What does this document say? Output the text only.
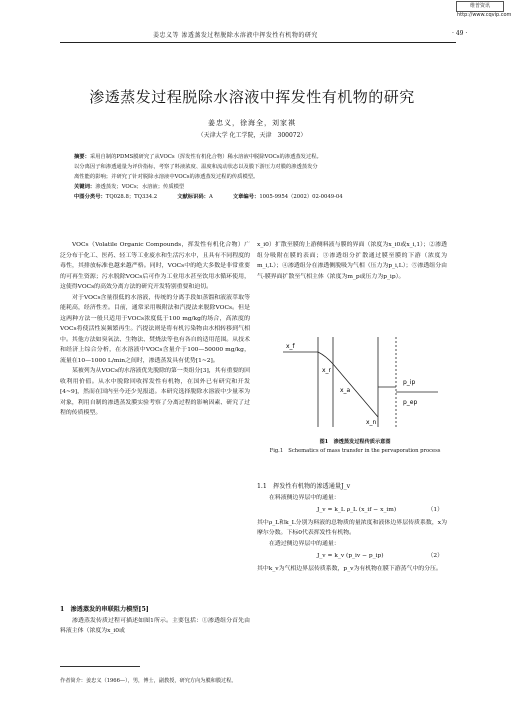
维普资讯 http://www.cqvip.com
姜忠义等 渗透蒸发过程脱除水溶液中挥发性有机物的研究	· 49 ·
渗透蒸发过程脱除水溶液中挥发性有机物的研究
姜忠义，徐海全，刘家祺
（天津大学 化工学院，天津　300072）
摘要：采用自制的PDMS膜研究了从VOCs（挥发性有机化合物）稀水溶液中脱除VOCs的渗透蒸发过程。
以分离因子和渗透通量为评价指标，考察了料液浓度、温度和流动状态以及膜下游压力对膜的渗透蒸发分
离性能的影响；并研究了针对脱除水溶液中VOCs的渗透蒸发过程的传质模型。
关键词：渗透蒸发；VOCs；水溶液；传质模型
中图分类号：TQ028.8；TQ334.2	文献标识码：A	文章编号：1005-9954（2002）02-0049-04

VOCs（Volatile Organic Compounds，挥发性有机化合物）广泛分布于化工、医药、轻工等工业废水和生活污水中，且具有不同程度的毒性，其排放标准也越来越严格。同时，VOCs中的绝大多数是非常重要的可再生资源；污水脱除VOCs后可作为工业用水甚至饮用水循环使用，这使得VOCs的高效分离方法的研究开发特别重要和迫切。

对于VOCs含量很低的水溶液，传统的分离手段如蒸馏和液液萃取等能耗高，经济性差。目前，通常采用吸附法和汽提法来脱除VOCs。但是这两种方法一般只适用于VOCs浓度低于100 mg/kg的场合，高浓度的VOCs将使活性炭频繁再生。汽提法则是将有机污染物由水相转移到气相中。其他方法如臭氧法、生物法、焚烧法等也有各自的适用范围。从技术和经济上综合分析，在水溶液中VOCs含量介于100—50000 mg/kg，流量在10—1000 L/min之间时，渗透蒸发具有优势[1~2]。

某被列为从VOCs的水溶液优先脱除的第一类组分[3]，其有重要的回收利用价值。从水中脱除回收挥发性有机物，在国外已有研究和开发[4~9]，然而在国内至今还少见报道。本研究选择脱除水溶液中少量苯为对象，利用自制的渗透蒸发膜实验考察了分离过程的影响因素、研究了过程的传质模型。

1　渗透蒸发的串联阻力模型[5]

渗透蒸发传质过程可描述如图1所示。主要包括：①渗透组分首先由料液主体（浓度为x_i0或

x_i0）扩散至膜的上游侧料液与膜的界面（浓度为x_i0或x_i,1）；②渗透组分吸附在膜的表面；③渗透组分扩散通过膜至膜的下游（浓度为m_i,L）；④渗透组分在渗透侧脱吸为气相（压力为p_i,L）；⑤渗透组分由气-膜界面扩散至气相主体（浓度为m_p或压力为p_ip）。

x_f
x_r
p_ip
p_ep
x_a
x_n
图1　渗透蒸发过程传质示意图
Fig.1　Schematics of mass transfer in the pervaporation process
1.1　挥发性有机物的渗透通量J_v

在料液侧边界层中的通量：

J_v = k_L ρ_L (x_if − x_im)	（1）

其中ρ_L和k_L分别为料液的总物质的量浓度和液体边界层传质系数，x为摩尔分数。下标0代表挥发性有机物。

在透过侧边界层中的通量：

J_v = k_v (p_iv − p_ip)	（2）

其中k_v为气相边界层传质系数，p_v为有机物在膜下游蒸气中的分压。

作者简介：姜忠义（1966—），男，博士，副教授，研究方向为膜和膜过程。
